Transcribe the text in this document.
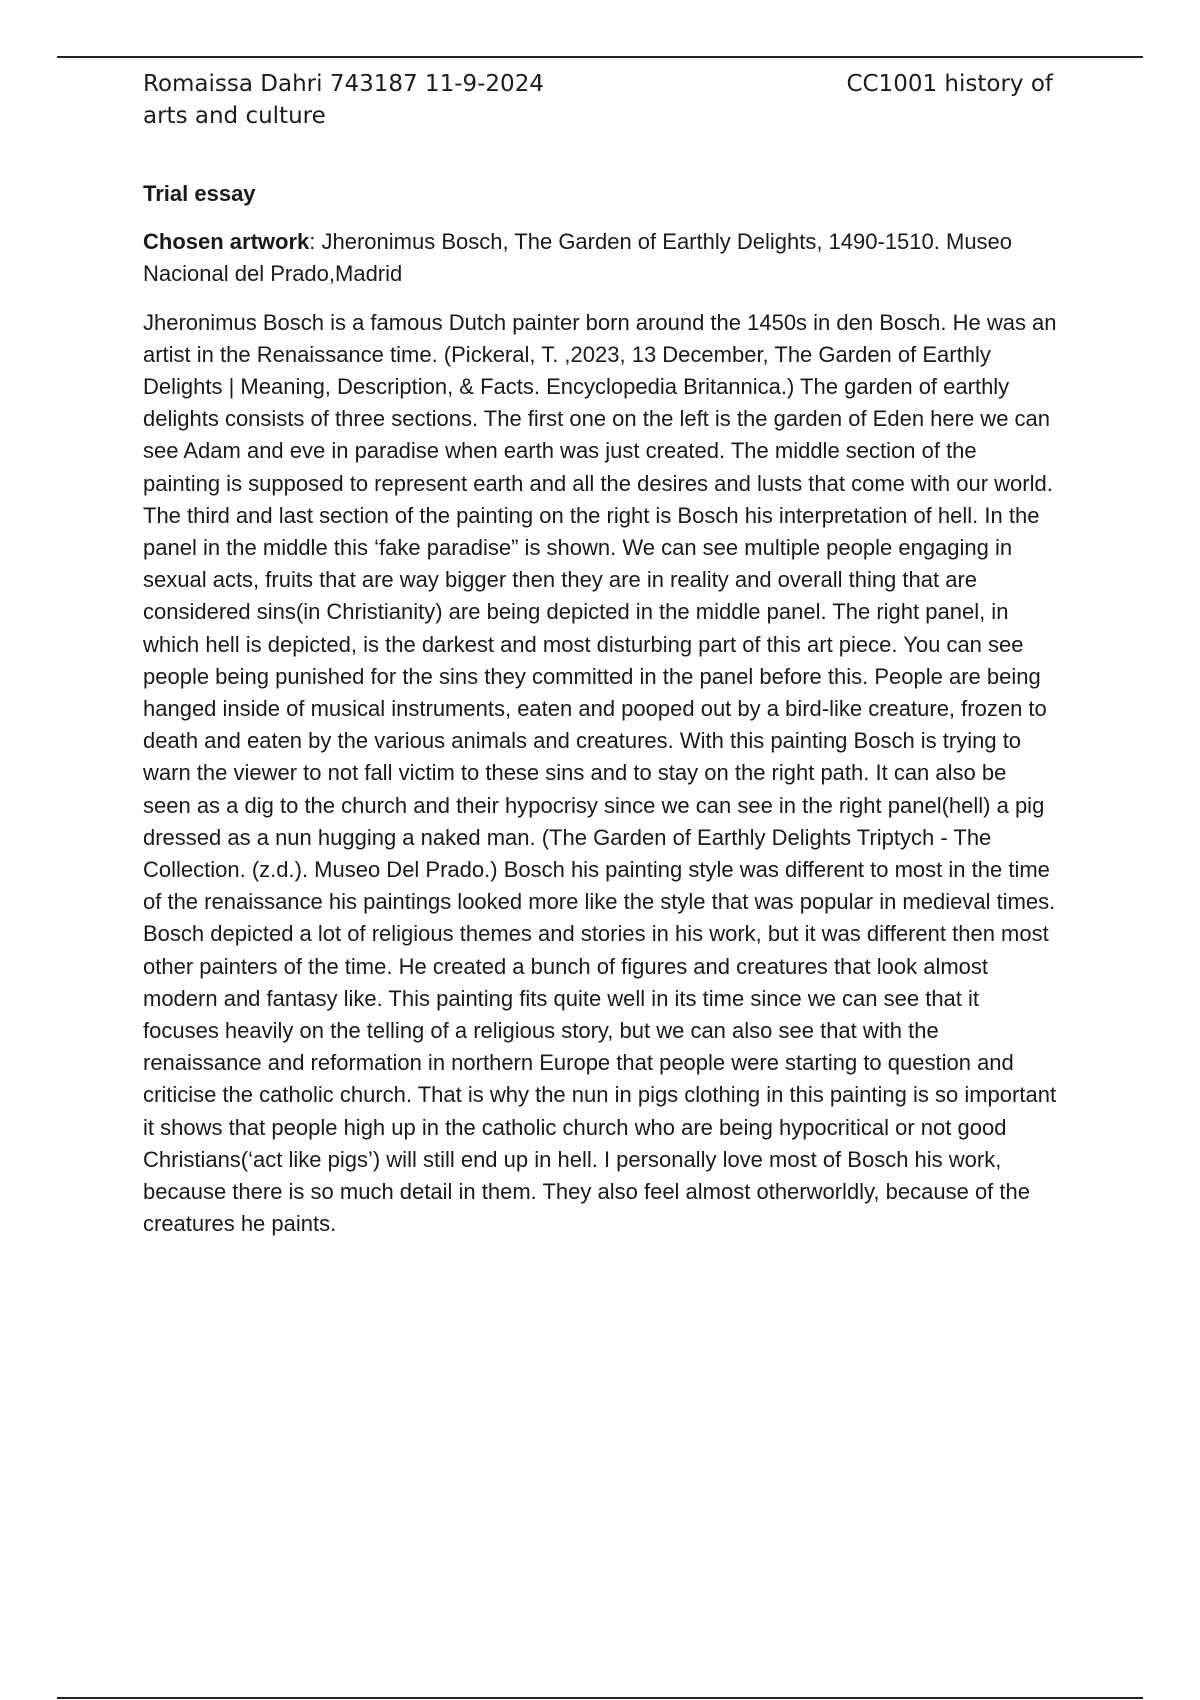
Romaissa Dahri 743187 11-9-2024
arts and culture
CC1001 history of

Trial essay

Chosen artwork: Jheronimus Bosch, The Garden of Earthly Delights, 1490-1510. Museo Nacional del Prado,Madrid

Jheronimus Bosch is a famous Dutch painter born around the 1450s in den Bosch. He was an artist in the Renaissance time. (Pickeral, T. ,2023, 13 December, The Garden of Earthly Delights | Meaning, Description, & Facts. Encyclopedia Britannica.) The garden of earthly delights consists of three sections. The first one on the left is the garden of Eden here we can see Adam and eve in paradise when earth was just created. The middle section of the painting is supposed to represent earth and all the desires and lusts that come with our world. The third and last section of the painting on the right is Bosch his interpretation of hell. In the panel in the middle this ‘fake paradise” is shown. We can see multiple people engaging in sexual acts, fruits that are way bigger then they are in reality and overall thing that are considered sins(in Christianity) are being depicted in the middle panel. The right panel, in which hell is depicted, is the darkest and most disturbing part of this art piece. You can see people being punished for the sins they committed in the panel before this. People are being hanged inside of musical instruments, eaten and pooped out by a bird-like creature, frozen to death and eaten by the various animals and creatures. With this painting Bosch is trying to warn the viewer to not fall victim to these sins and to stay on the right path. It can also be seen as a dig to the church and their hypocrisy since we can see in the right panel(hell) a pig dressed as a nun hugging a naked man. (The Garden of Earthly Delights Triptych - The Collection. (z.d.). Museo Del Prado.) Bosch his painting style was different to most in the time of the renaissance his paintings looked more like the style that was popular in medieval times. Bosch depicted a lot of religious themes and stories in his work, but it was different then most other painters of the time. He created a bunch of figures and creatures that look almost modern and fantasy like. This painting fits quite well in its time since we can see that it focuses heavily on the telling of a religious story, but we can also see that with the renaissance and reformation in northern Europe that people were starting to question and criticise the catholic church. That is why the nun in pigs clothing in this painting is so important it shows that people high up in the catholic church who are being hypocritical or not good Christians(‘act like pigs’) will still end up in hell. I personally love most of Bosch his work, because there is so much detail in them. They also feel almost otherworldly, because of the creatures he paints.
